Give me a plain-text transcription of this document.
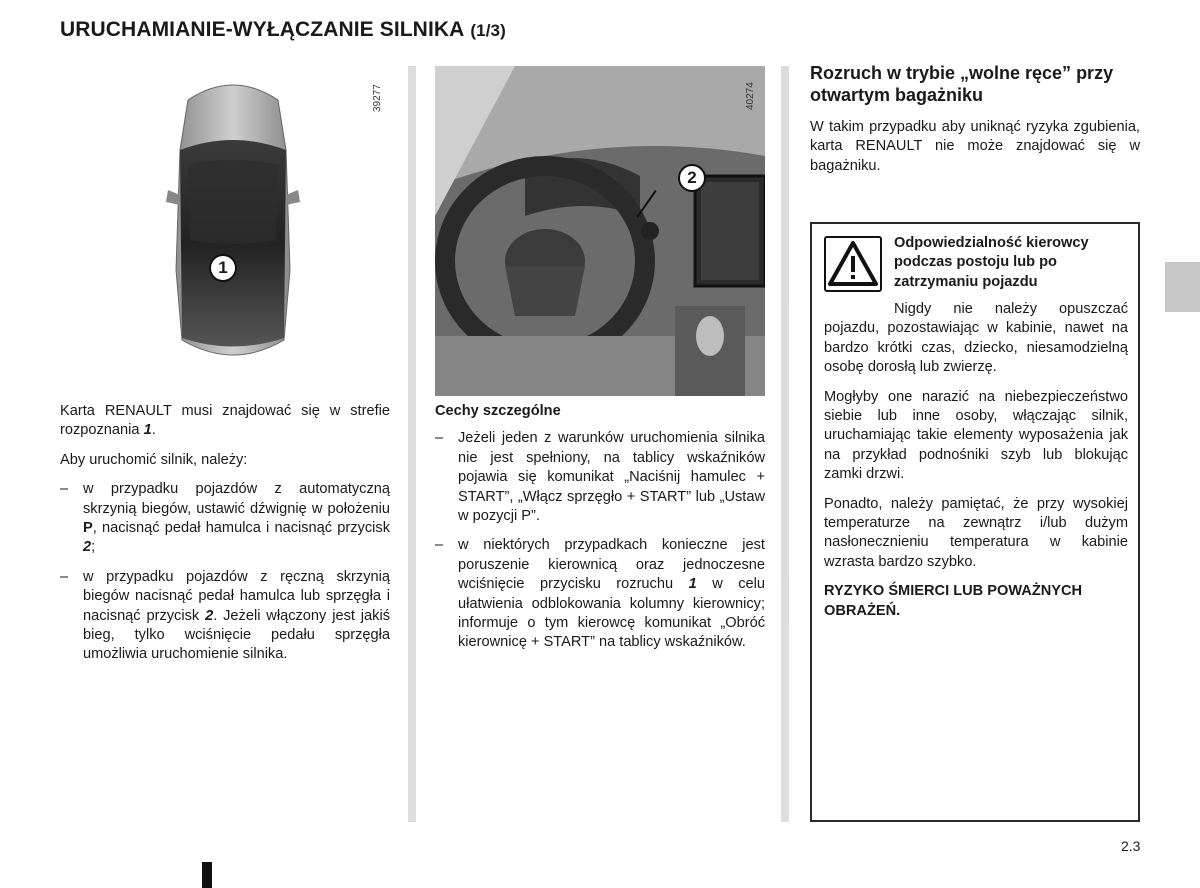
URUCHAMIANIE-WYŁĄCZANIE SILNIKA (1/3)
1
39277
2
40274

Karta RENAULT musi znajdować się w strefie rozpoznania 1.

Aby uruchomić silnik, należy:

– w przypadku pojazdów z automatyczną skrzynią biegów, ustawić dźwignię w położeniu P, nacisnąć pedał hamulca i nacisnąć przycisk 2;
– w przypadku pojazdów z ręczną skrzynią biegów nacisnąć pedał hamulca lub sprzęgła i nacisnąć przycisk 2. Jeżeli włączony jest jakiś bieg, tylko wciśnięcie pedału sprzęgła umożliwia uruchomienie silnika.

Cechy szczególne

– Jeżeli jeden z warunków uruchomienia silnika nie jest spełniony, na tablicy wskaźników pojawia się komunikat „Naciśnij hamulec + START”, „Włącz sprzęgło + START” lub „Ustaw w pozycji P”.
– w niektórych przypadkach konieczne jest poruszenie kierownicą oraz jednoczesne wciśnięcie przycisku rozruchu 1 w celu ułatwienia odblokowania kolumny kierownicy; informuje o tym kierowcę komunikat „Obróć kierownicę + START” na tablicy wskaźników.
Rozruch w trybie „wolne ręce” przy otwartym bagażniku

W takim przypadku aby uniknąć ryzyka zgubienia, karta RENAULT nie może znajdować się w bagażniku.

Odpowiedzialność kierowcy podczas postoju lub po zatrzymaniu pojazdu

Nigdy nie należy opuszczać pojazdu, pozostawiając w kabinie, nawet na bardzo krótki czas, dziecko, niesamodzielną osobę dorosłą lub zwierzę.

Mogłyby one narazić na niebezpieczeństwo siebie lub inne osoby, włączając silnik, uruchamiając takie elementy wyposażenia jak na przykład podnośniki szyb lub blokując zamki drzwi.

Ponadto, należy pamiętać, że przy wysokiej temperaturze na zewnątrz i/lub dużym nasłonecznieniu temperatura w kabinie wzrasta bardzo szybko.

RYZYKO ŚMIERCI LUB POWAŻNYCH OBRAŻEŃ.

2.3
